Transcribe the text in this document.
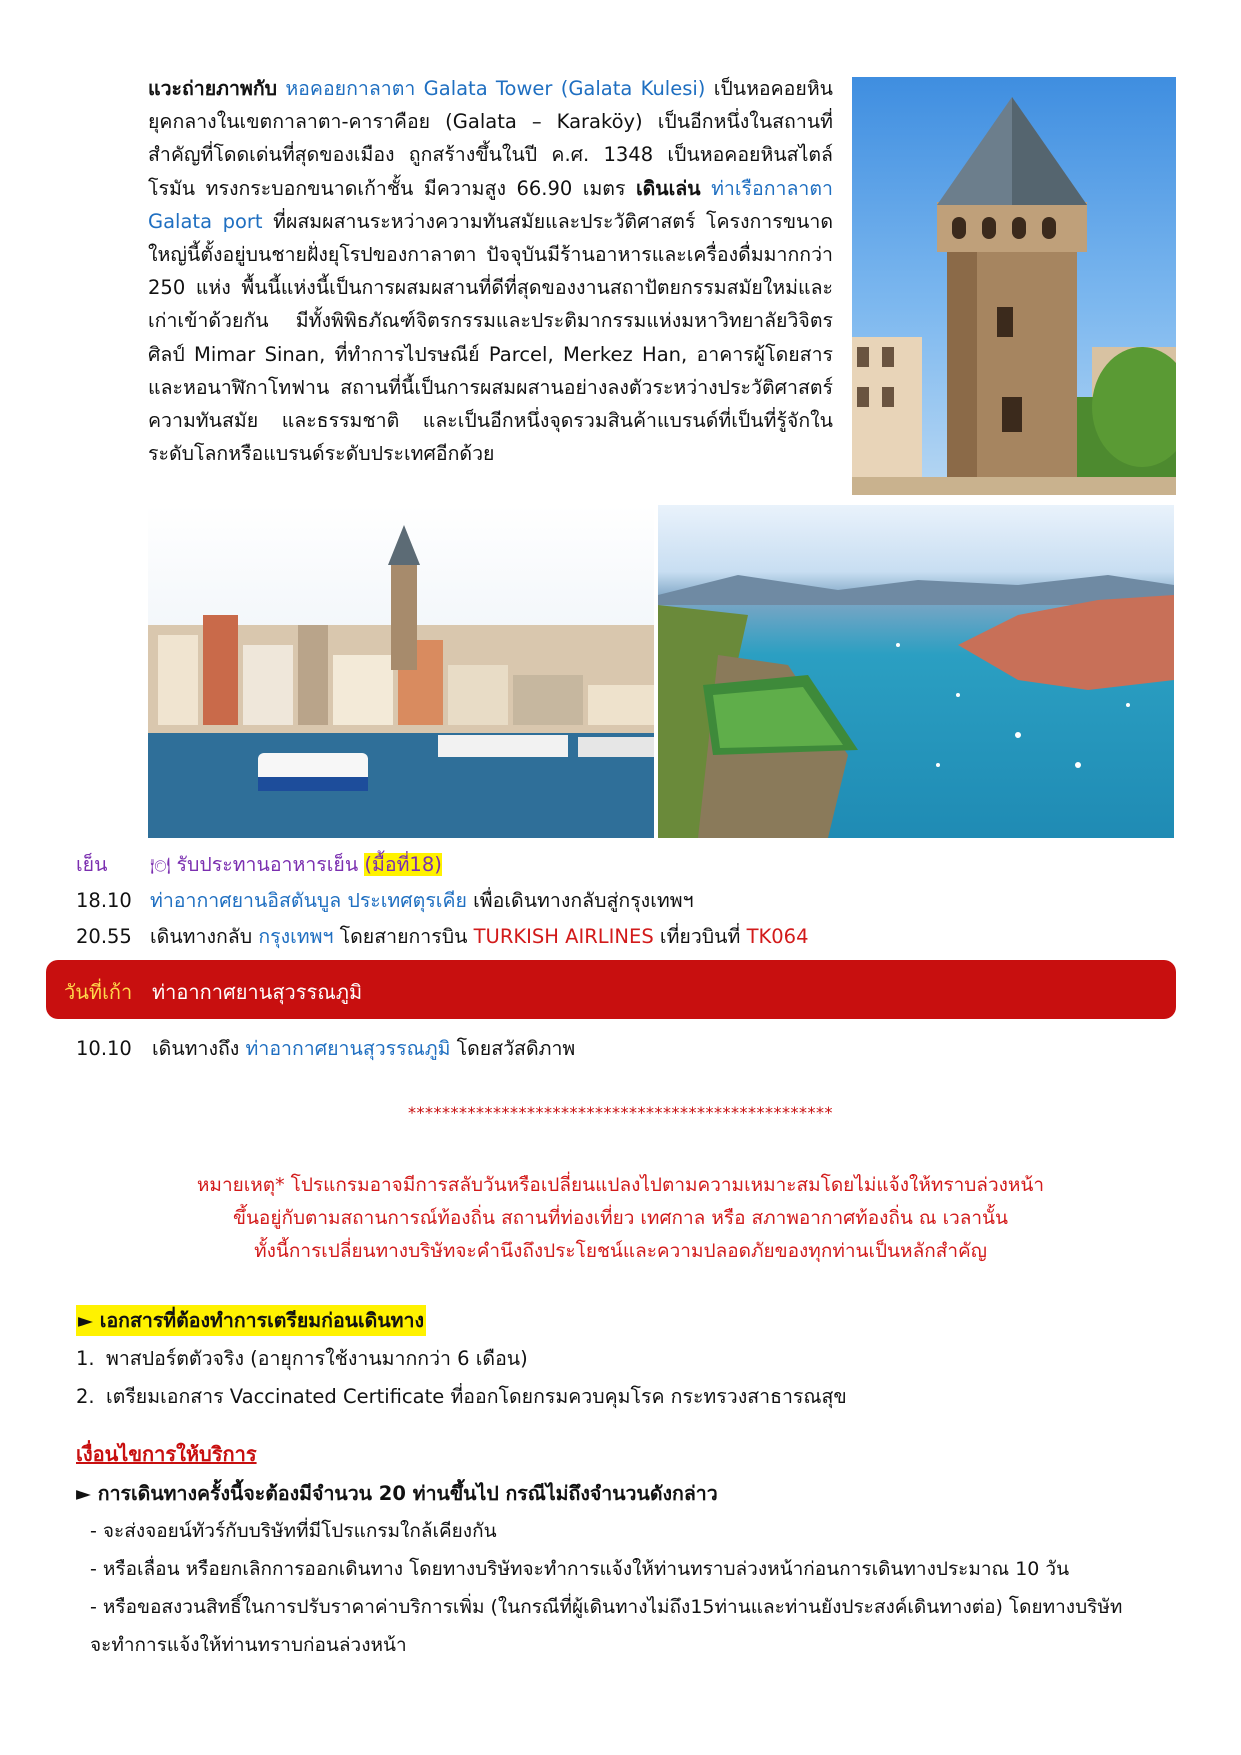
แวะถ่ายภาพกับ หอคอยกาลาตา Galata Tower (Galata Kulesi) เป็นหอคอยหินยุคกลางในเขตกาลาตา-คาราคือย (Galata – Karaköy) เป็นอีกหนึ่งในสถานที่สำคัญที่โดดเด่นที่สุดของเมือง ถูกสร้างขึ้นในปี ค.ศ. 1348 เป็นหอคอยหินสไตล์โรมัน ทรงกระบอกขนาดเก้าชั้น มีความสูง 66.90 เมตร เดินเล่น ท่าเรือกาลาตา Galata port ที่ผสมผสานระหว่างความทันสมัยและประวัติศาสตร์ โครงการขนาดใหญ่นี้ตั้งอยู่บนชายฝั่งยุโรปของกาลาตา ปัจจุบันมีร้านอาหารและเครื่องดื่มมากกว่า 250 แห่ง พื้นนี้แห่งนี้เป็นการผสมผสานที่ดีที่สุดของงานสถาปัตยกรรมสมัยใหม่และเก่าเข้าด้วยกัน มีทั้งพิพิธภัณฑ์จิตรกรรมและประติมากรรมแห่งมหาวิทยาลัยวิจิตรศิลป์ Mimar Sinan, ที่ทำการไปรษณีย์ Parcel, Merkez Han, อาคารผู้โดยสาร และหอนาฬิกาโทฟาน สถานที่นี้เป็นการผสมผสานอย่างลงตัวระหว่างประวัติศาสตร์ ความทันสมัย และธรรมชาติ และเป็นอีกหนึ่งจุดรวมสินค้าแบรนด์ที่เป็นที่รู้จักในระดับโลกหรือแบรนด์ระดับประเทศอีกด้วย
เย็น	🍽 รับประทานอาหารเย็น (มื้อที่18)
18.10 ท่าอากาศยานอิสตันบูล ประเทศตุรเคีย เพื่อเดินทางกลับสู่กรุงเทพฯ
20.55 เดินทางกลับ กรุงเทพฯ โดยสายการบิน TURKISH AIRLINES เที่ยวบินที่ TK064
วันที่เก้า ท่าอากาศยานสุวรรณภูมิ
10.10 เดินทางถึง ท่าอากาศยานสุวรรณภูมิ โดยสวัสดิภาพ
**************************************************
หมายเหตุ* โปรแกรมอาจมีการสลับวันหรือเปลี่ยนแปลงไปตามความเหมาะสมโดยไม่แจ้งให้ทราบล่วงหน้า
ขึ้นอยู่กับตามสถานการณ์ท้องถิ่น สถานที่ท่องเที่ยว เทศกาล หรือ สภาพอากาศท้องถิ่น ณ เวลานั้น
ทั้งนี้การเปลี่ยนทางบริษัทจะคำนึงถึงประโยชน์และความปลอดภัยของทุกท่านเป็นหลักสำคัญ
► เอกสารที่ต้องทำการเตรียมก่อนเดินทาง
1. พาสปอร์ตตัวจริง (อายุการใช้งานมากกว่า 6 เดือน)
2. เตรียมเอกสาร Vaccinated Certificate ที่ออกโดยกรมควบคุมโรค กระทรวงสาธารณสุข
เงื่อนไขการให้บริการ
► การเดินทางครั้งนี้จะต้องมีจำนวน 20 ท่านขึ้นไป กรณีไม่ถึงจำนวนดังกล่าว
- จะส่งจอยน์ทัวร์กับบริษัทที่มีโปรแกรมใกล้เคียงกัน
- หรือเลื่อน หรือยกเลิกการออกเดินทาง โดยทางบริษัทจะทำการแจ้งให้ท่านทราบล่วงหน้าก่อนการเดินทางประมาณ 10 วัน
- หรือขอสงวนสิทธิ์ในการปรับราคาค่าบริการเพิ่ม (ในกรณีที่ผู้เดินทางไม่ถึง15ท่านและท่านยังประสงค์เดินทางต่อ) โดยทางบริษัท
จะทำการแจ้งให้ท่านทราบก่อนล่วงหน้า
